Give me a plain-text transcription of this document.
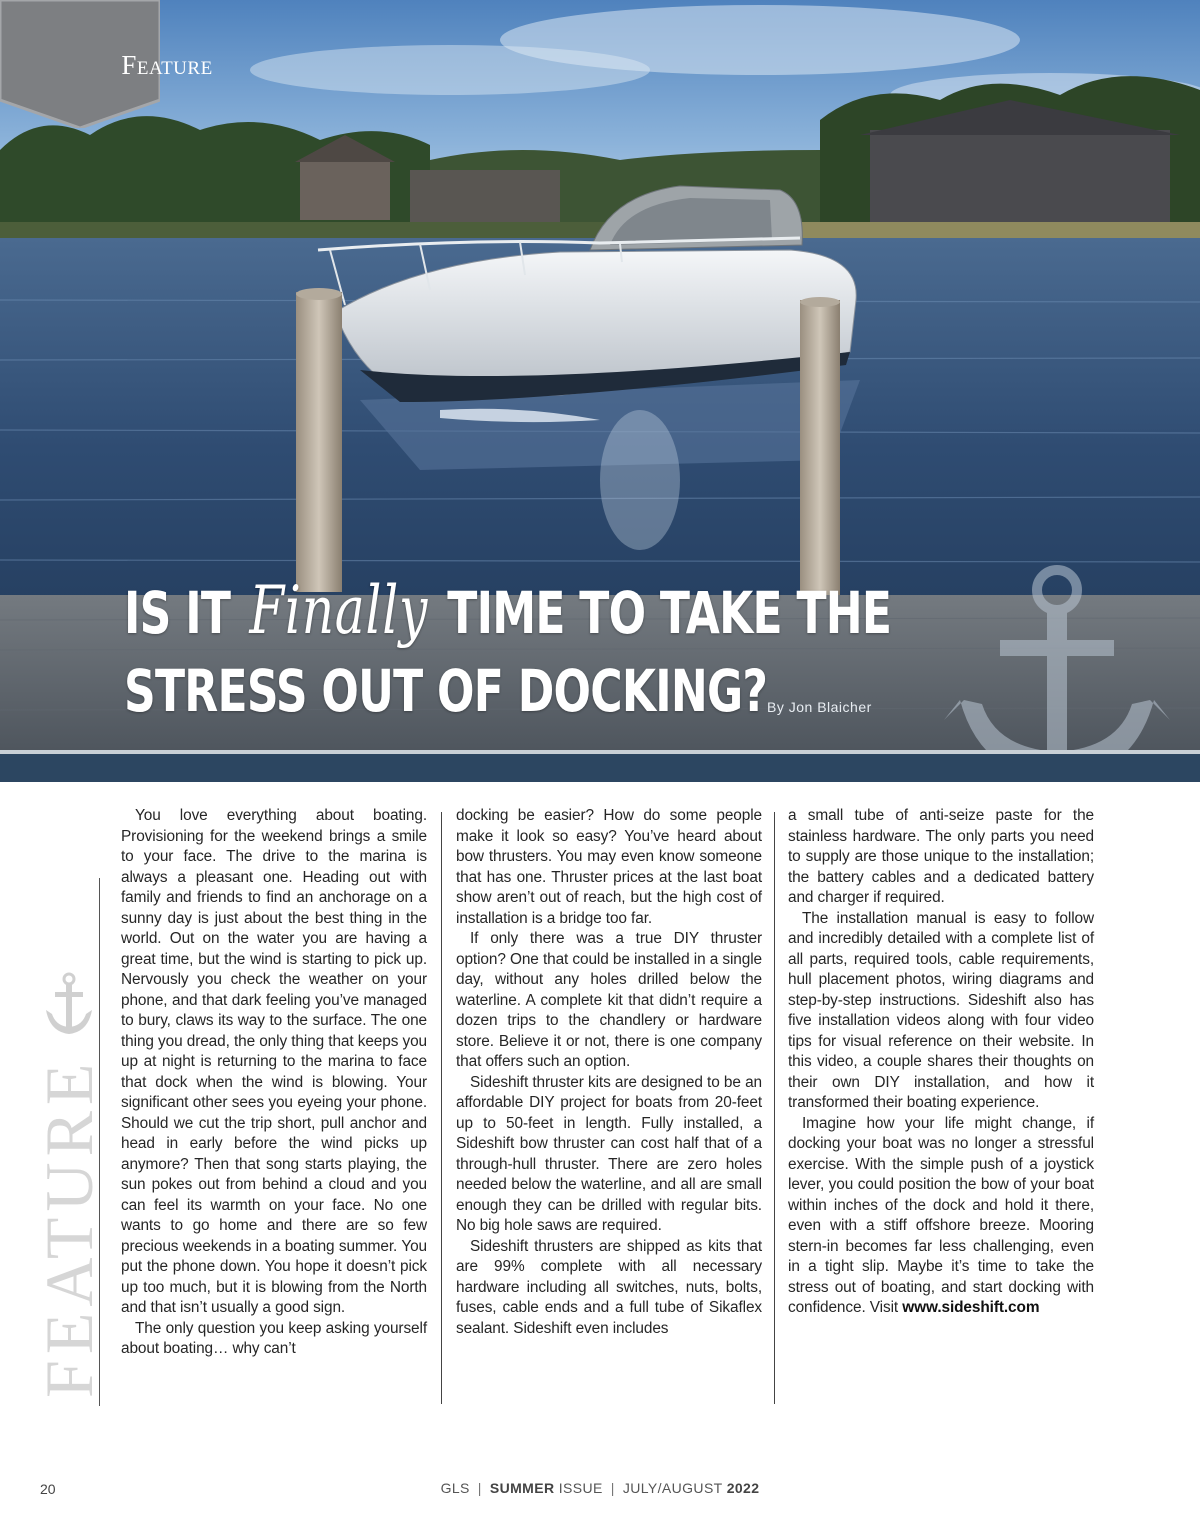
Feature
IS IT Finally TIME TO TAKE THE
STRESS OUT OF DOCKING? By Jon Blaicher
FEATURE

You love everything about boating. Provisioning for the weekend brings a smile to your face. The drive to the marina is always a pleasant one. Heading out with family and friends to find an anchorage on a sunny day is just about the best thing in the world. Out on the water you are having a great time, but the wind is starting to pick up. Nervously you check the weather on your phone, and that dark feeling you’ve managed to bury, claws its way to the surface. The one thing you dread, the only thing that keeps you up at night is returning to the marina to face that dock when the wind is blowing. Your significant other sees you eyeing your phone. Should we cut the trip short, pull anchor and head in early before the wind picks up anymore? Then that song starts playing, the sun pokes out from behind a cloud and you can feel its warmth on your face. No one wants to go home and there are so few precious weekends in a boating summer. You put the phone down. You hope it doesn’t pick up too much, but it is blowing from the North and that isn’t usually a good sign.

The only question you keep asking yourself about boating… why can’t

docking be easier? How do some people make it look so easy? You’ve heard about bow thrusters. You may even know someone that has one. Thruster prices at the last boat show aren’t out of reach, but the high cost of installation is a bridge too far.

If only there was a true DIY thruster option? One that could be installed in a single day, without any holes drilled below the waterline. A complete kit that didn’t require a dozen trips to the chandlery or hardware store. Believe it or not, there is one company that offers such an option.

Sideshift thruster kits are designed to be an affordable DIY project for boats from 20-feet up to 50-feet in length. Fully installed, a Sideshift bow thruster can cost half that of a through-hull thruster. There are zero holes needed below the waterline, and all are small enough they can be drilled with regular bits. No big hole saws are required.

Sideshift thrusters are shipped as kits that are 99% complete with all necessary hardware including all switches, nuts, bolts, fuses, cable ends and a full tube of Sikaflex sealant. Sideshift even includes

a small tube of anti-seize paste for the stainless hardware. The only parts you need to supply are those unique to the installation; the battery cables and a dedicated battery and charger if required.

The installation manual is easy to follow and incredibly detailed with a complete list of all parts, required tools, cable requirements, hull placement photos, wiring diagrams and step-by-step instructions. Sideshift also has five installation videos along with four video tips for visual reference on their website. In this video, a couple shares their thoughts on their own DIY installation, and how it transformed their boating experience.

Imagine how your life might change, if docking your boat was no longer a stressful exercise. With the simple push of a joystick lever, you could position the bow of your boat within inches of the dock and hold it there, even with a stiff offshore breeze. Mooring stern-in becomes far less challenging, even in a tight slip. Maybe it’s time to take the stress out of boating, and start docking with confidence. Visit www.sideshift.com

20	GLS | SUMMER ISSUE | JULY/AUGUST 2022
